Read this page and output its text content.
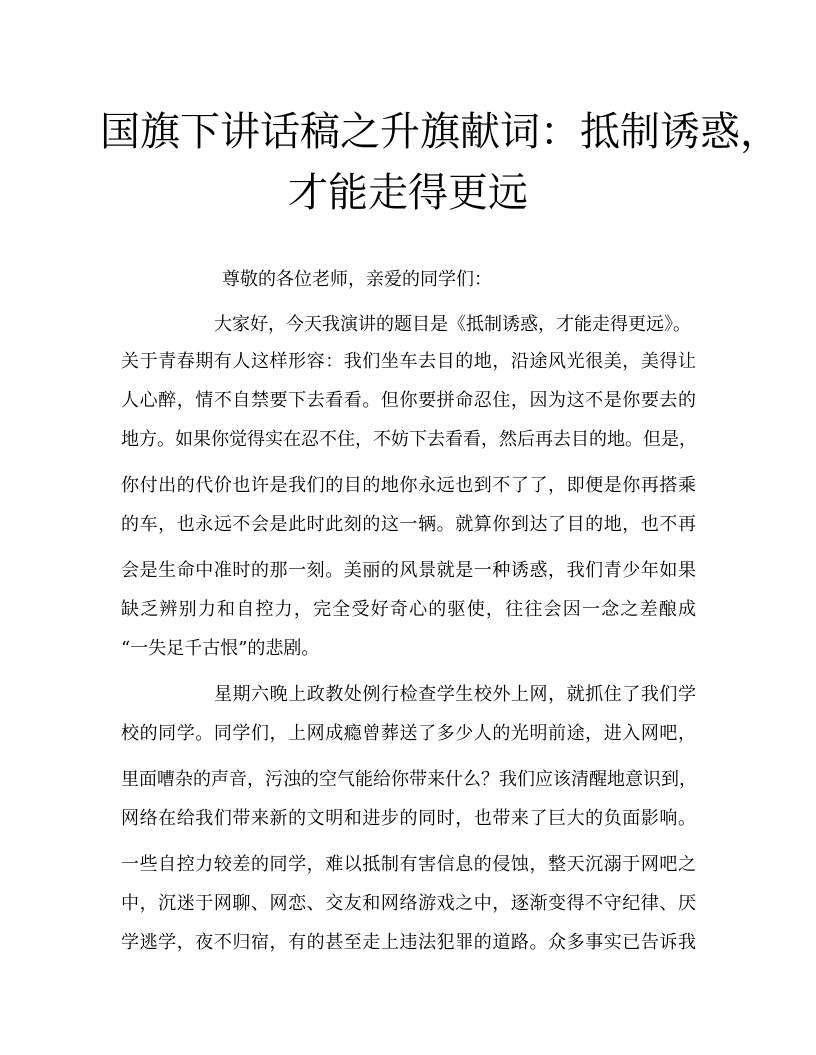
国旗下讲话稿之升旗献词：抵制诱惑，
才能走得更远

尊敬的各位老师，亲爱的同学们：

大家好，今天我演讲的题目是《抵制诱惑，才能走得更远》。

关于青春期有人这样形容：我们坐车去目的地，沿途风光很美，美得让

人心醉，情不自禁要下去看看。但你要拼命忍住，因为这不是你要去的

地方。如果你觉得实在忍不住，不妨下去看看，然后再去目的地。但是，

你付出的代价也许是我们的目的地你永远也到不了了，即便是你再搭乘

的车，也永远不会是此时此刻的这一辆。就算你到达了目的地，也不再

会是生命中准时的那一刻。美丽的风景就是一种诱惑，我们青少年如果

缺乏辨别力和自控力，完全受好奇心的驱使，往往会因一念之差酿成

“一失足千古恨”的悲剧。

星期六晚上政教处例行检查学生校外上网，就抓住了我们学

校的同学。同学们，上网成瘾曾葬送了多少人的光明前途，进入网吧，

里面嘈杂的声音，污浊的空气能给你带来什么？我们应该清醒地意识到，

网络在给我们带来新的文明和进步的同时，也带来了巨大的负面影响。

一些自控力较差的同学，难以抵制有害信息的侵蚀，整天沉溺于网吧之

中，沉迷于网聊、网恋、交友和网络游戏之中，逐渐变得不守纪律、厌

学逃学，夜不归宿，有的甚至走上违法犯罪的道路。众多事实已告诉我
